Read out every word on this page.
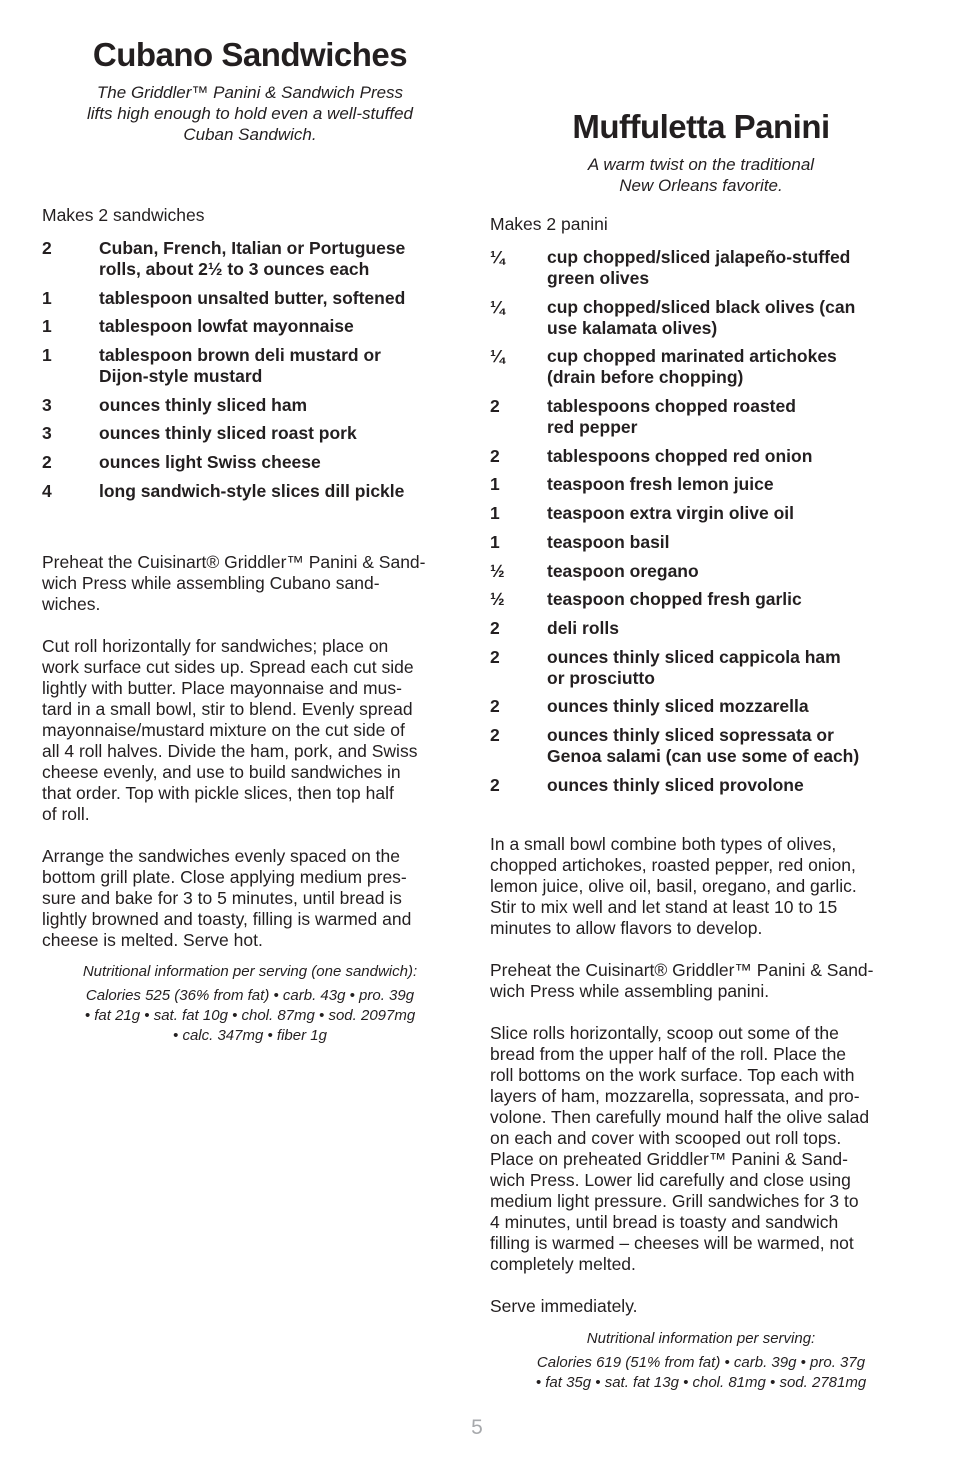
Cubano Sandwiches

The Griddler™ Panini & Sandwich Press
lifts high enough to hold even a well-stuffed
Cuban Sandwich.

Makes 2 sandwiches

2	Cuban, French, Italian or Portuguese
rolls, about 2½ to 3 ounces each
1	tablespoon unsalted butter, softened
1	tablespoon lowfat mayonnaise
1	tablespoon brown deli mustard or
Dijon-style mustard
3	ounces thinly sliced ham
3	ounces thinly sliced roast pork
2	ounces light Swiss cheese
4	long sandwich-style slices dill pickle

Preheat the Cuisinart® Griddler™ Panini & Sand-
wich Press while assembling Cubano sand-
wiches.

Cut roll horizontally for sandwiches; place on
work surface cut sides up. Spread each cut side
lightly with butter. Place mayonnaise and mus-
tard in a small bowl, stir to blend. Evenly spread
mayonnaise/mustard mixture on the cut side of
all 4 roll halves. Divide the ham, pork, and Swiss
cheese evenly, and use to build sandwiches in
that order. Top with pickle slices, then top half
of roll.

Arrange the sandwiches evenly spaced on the
bottom grill plate. Close applying medium pres-
sure and bake for 3 to 5 minutes, until bread is
lightly browned and toasty, filling is warmed and
cheese is melted. Serve hot.

Nutritional information per serving (one sandwich):

Calories 525 (36% from fat) • carb. 43g • pro. 39g
• fat 21g • sat. fat 10g • chol. 87mg • sod. 2097mg
• calc. 347mg • fiber 1g

Muffuletta Panini

A warm twist on the traditional
New Orleans favorite.

Makes 2 panini

¼	cup chopped/sliced jalapeño-stuffed
green olives
¼	cup chopped/sliced black olives (can
use kalamata olives)
¼	cup chopped marinated artichokes
(drain before chopping)
2	tablespoons chopped roasted
red pepper
2	tablespoons chopped red onion
1	teaspoon fresh lemon juice
1	teaspoon extra virgin olive oil
1	teaspoon basil
½	teaspoon oregano
½	teaspoon chopped fresh garlic
2	deli rolls
2	ounces thinly sliced cappicola ham
or prosciutto
2	ounces thinly sliced mozzarella
2	ounces thinly sliced sopressata or
Genoa salami (can use some of each)
2	ounces thinly sliced provolone

In a small bowl combine both types of olives,
chopped artichokes, roasted pepper, red onion,
lemon juice, olive oil, basil, oregano, and garlic.
Stir to mix well and let stand at least 10 to 15
minutes to allow flavors to develop.

Preheat the Cuisinart® Griddler™ Panini & Sand-
wich Press while assembling panini.

Slice rolls horizontally, scoop out some of the
bread from the upper half of the roll. Place the
roll bottoms on the work surface. Top each with
layers of ham, mozzarella, sopressata, and pro-
volone. Then carefully mound half the olive salad
on each and cover with scooped out roll tops.
Place on preheated Griddler™ Panini & Sand-
wich Press. Lower lid carefully and close using
medium light pressure. Grill sandwiches for 3 to
4 minutes, until bread is toasty and sandwich
filling is warmed – cheeses will be warmed, not
completely melted.

Serve immediately.

Nutritional information per serving:

Calories 619 (51% from fat) • carb. 39g • pro. 37g
• fat 35g • sat. fat 13g • chol. 81mg • sod. 2781mg

5
